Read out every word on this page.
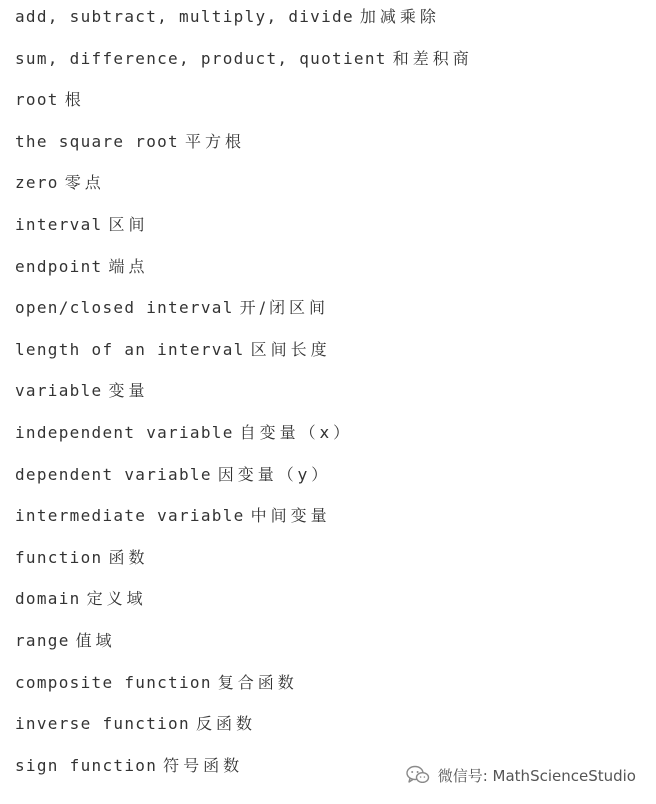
add, subtract, multiply, divide 加减乘除
sum, difference, product, quotient 和差积商
root 根
the square root 平方根
zero 零点
interval 区间
endpoint 端点
open/closed interval 开/闭区间
length of an interval 区间长度
variable 变量
independent variable 自变量（x）
dependent variable 因变量（y）
intermediate variable 中间变量
function 函数
domain 定义域
range 值域
composite function 复合函数
inverse function 反函数
sign function 符号函数
微信号: MathScienceStudio
